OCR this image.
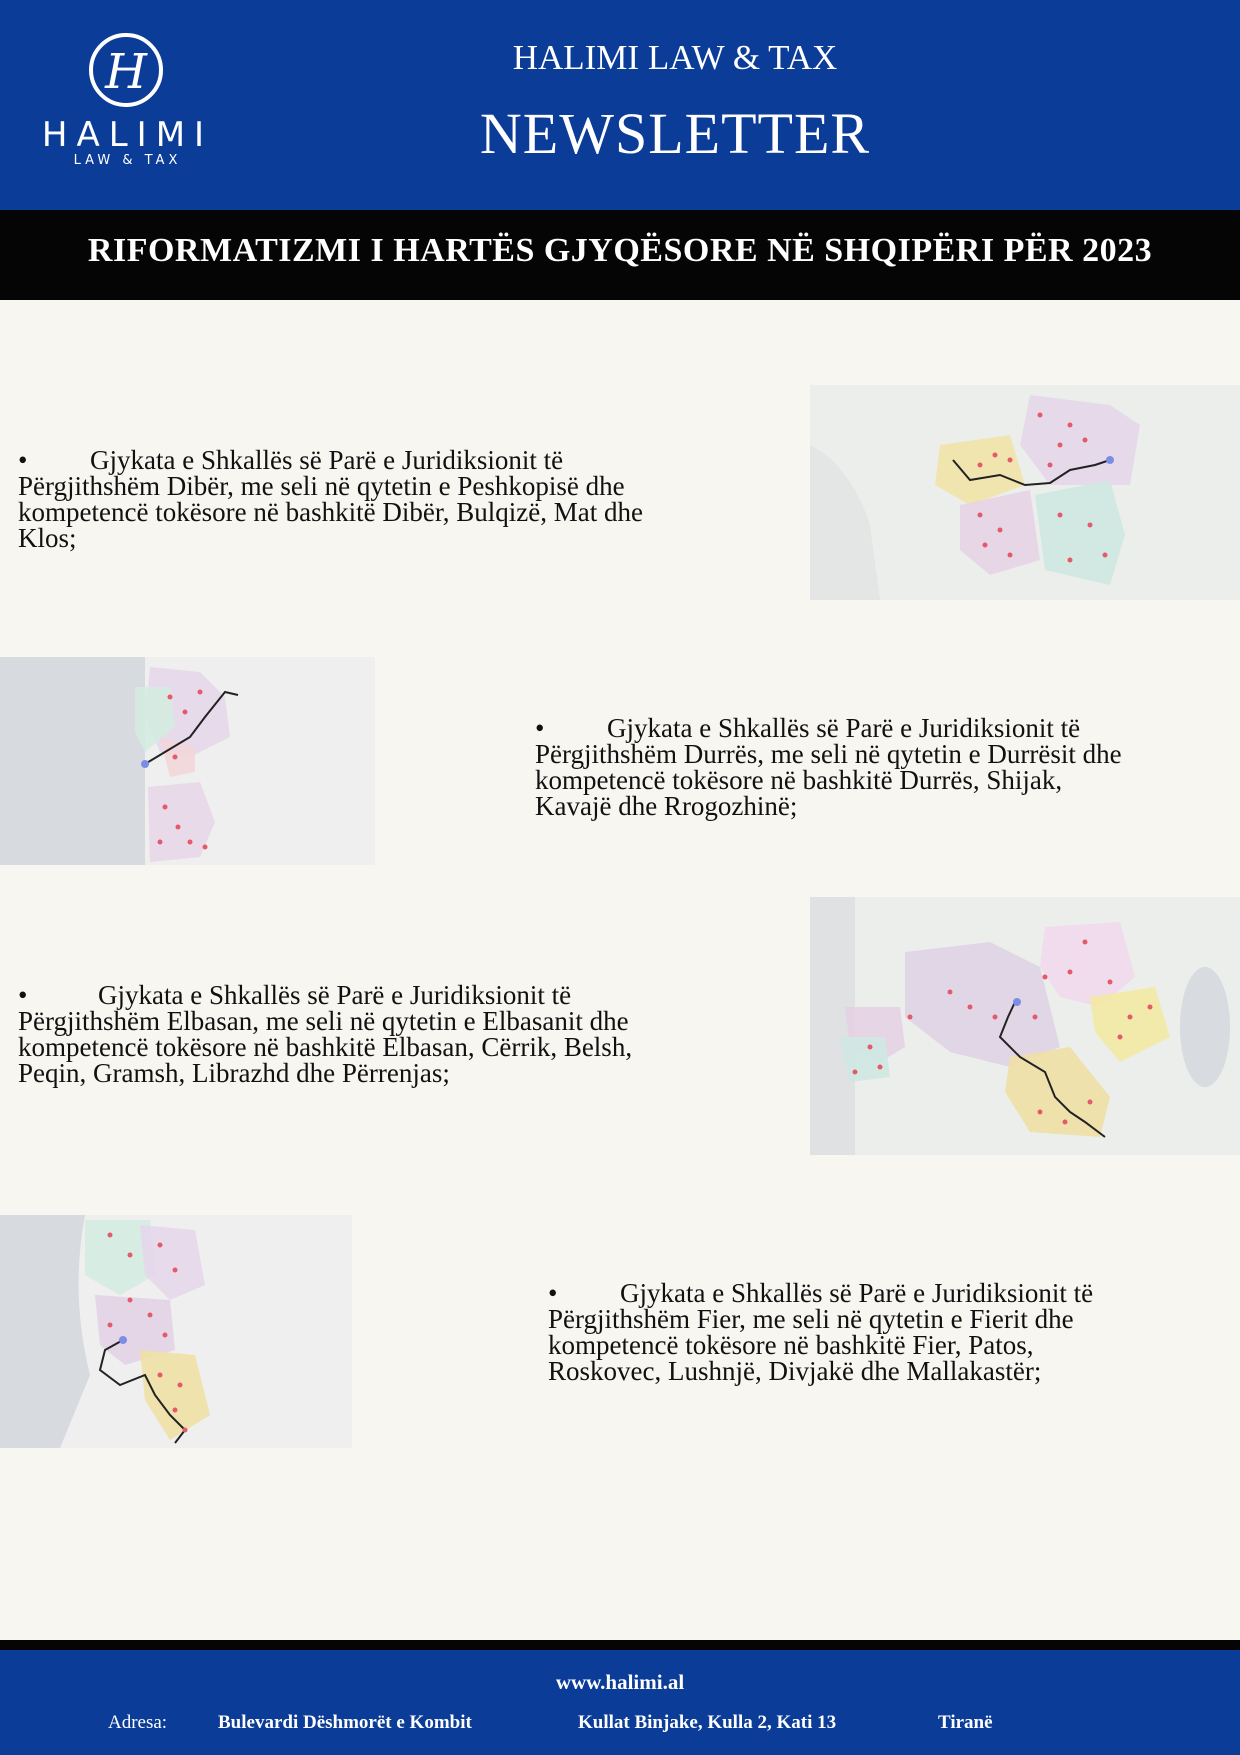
H
HALIMI
LAW & TAX
HALIMI LAW & TAX
NEWSLETTER
RIFORMATIZMI I HARTËS GJYQËSORE NË SHQIPËRI PËR 2023
• Gjykata e Shkallës së Parë e Juridiksionit të
Përgjithshëm Dibër, me seli në qytetin e Peshkopisë dhe
kompetencë tokësore në bashkitë Dibër, Bulqizë, Mat dhe
Klos;
• Gjykata e Shkallës së Parë e Juridiksionit të
Përgjithshëm Durrës, me seli në qytetin e Durrësit dhe
kompetencë tokësore në bashkitë Durrës, Shijak,
Kavajë dhe Rrogozhinë;
•	Gjykata e Shkallës së Parë e Juridiksionit të
Përgjithshëm Elbasan, me seli në qytetin e Elbasanit dhe
kompetencë tokësore në bashkitë Elbasan, Cërrik, Belsh,
Peqin, Gramsh, Librazhd dhe Përrenjas;
• Gjykata e Shkallës së Parë e Juridiksionit të
Përgjithshëm Fier, me seli në qytetin e Fierit dhe
kompetencë tokësore në bashkitë Fier, Patos,
Roskovec, Lushnjë, Divjakë dhe Mallakastër;
www.halimi.al
Adresa:	Bulevardi Dëshmorët e Kombit	Kullat Binjake, Kulla 2, Kati 13	Tiranë
